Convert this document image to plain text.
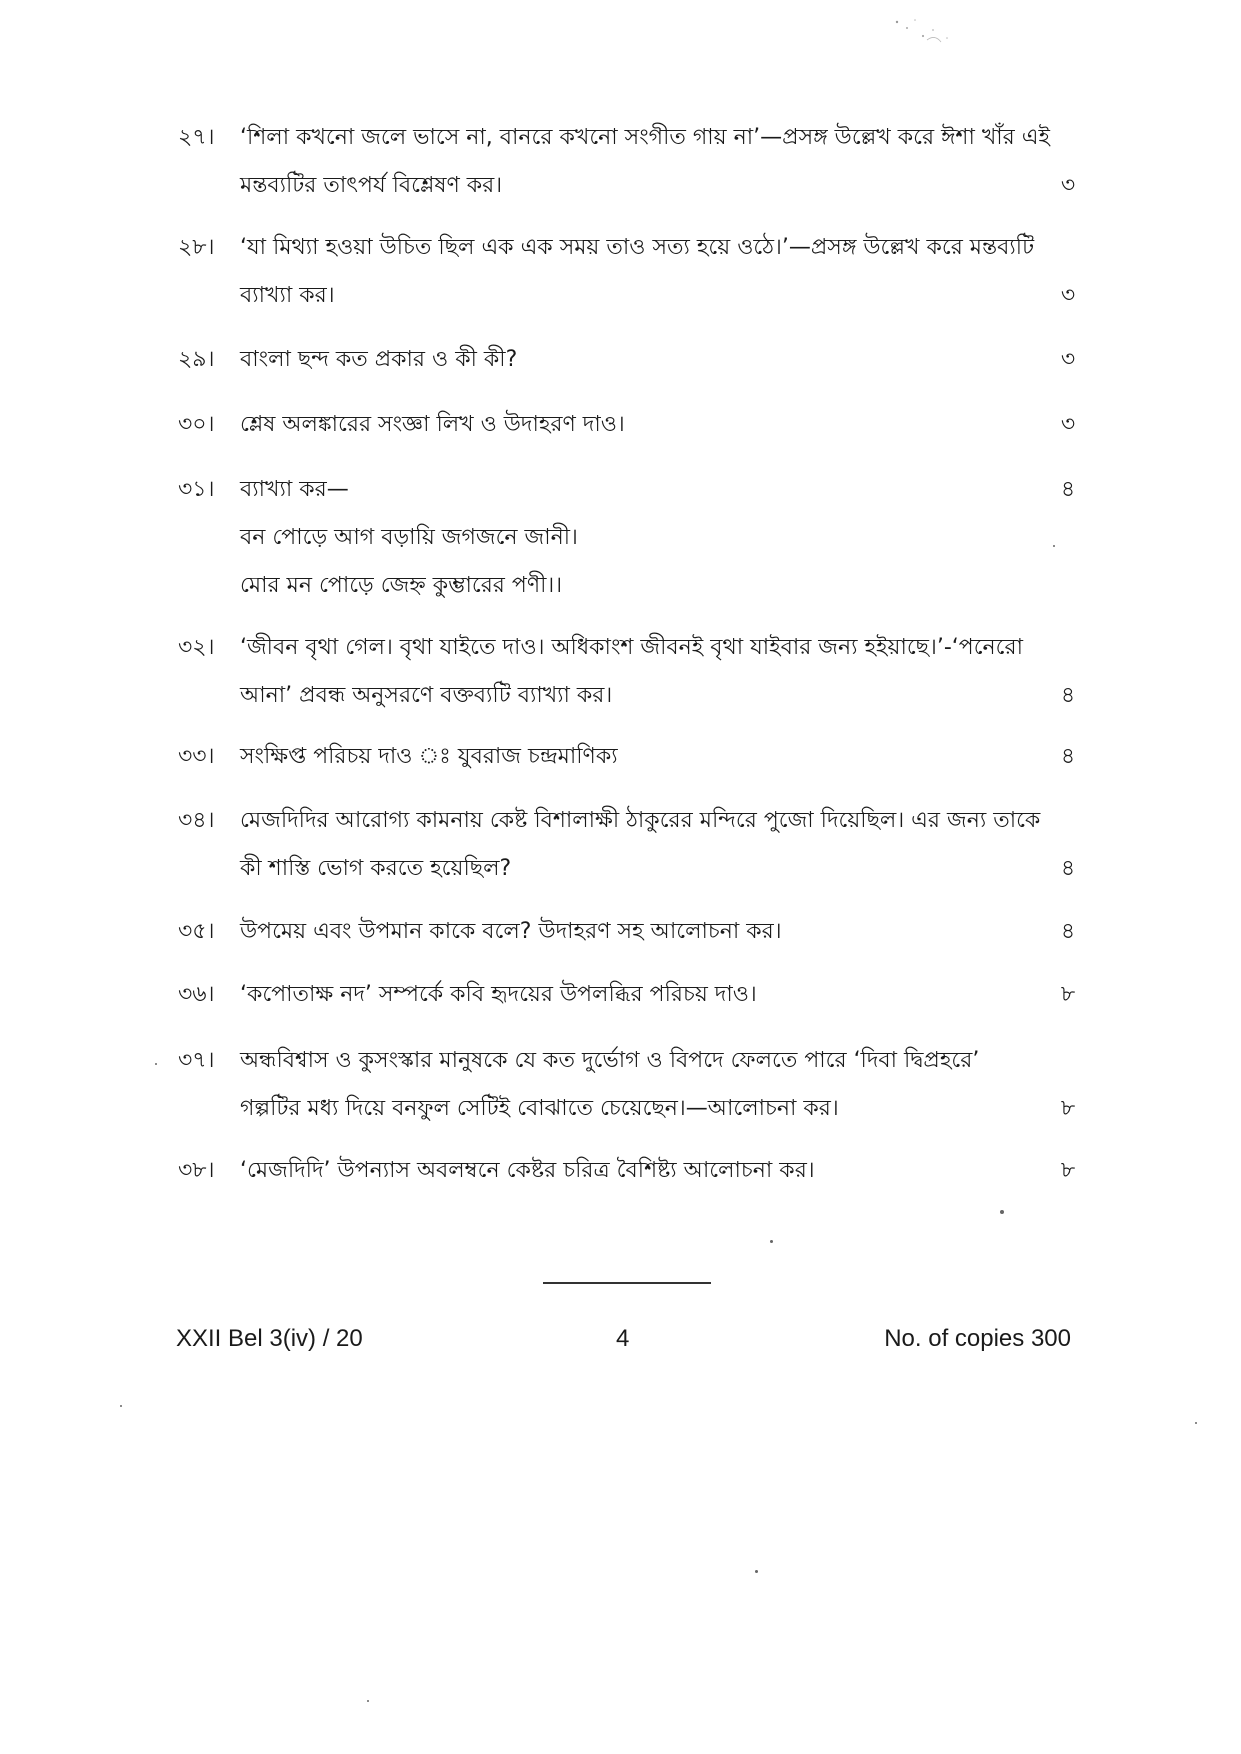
২৭। ‘শিলা কখনো জলে ভাসে না, বানরে কখনো সংগীত গায় না’—প্রসঙ্গ উল্লেখ করে ঈশা খাঁর এই
মন্তব্যটির তাৎপর্য বিশ্লেষণ কর।	৩
২৮। ‘যা মিথ্যা হওয়া উচিত ছিল এক এক সময় তাও সত্য হয়ে ওঠে।’—প্রসঙ্গ উল্লেখ করে মন্তব্যটি
ব্যাখ্যা কর।	৩
২৯। বাংলা ছন্দ কত প্রকার ও কী কী?	৩
৩০। শ্লেষ অলঙ্কারের সংজ্ঞা লিখ ও উদাহরণ দাও।	৩
৩১। ব্যাখ্যা কর—	৪
বন পোড়ে আগ বড়ায়ি জগজনে জানী।
মোর মন পোড়ে জেহ্ন কুম্ভারের পণী।।
৩২। ‘জীবন বৃথা গেল। বৃথা যাইতে দাও। অধিকাংশ জীবনই বৃথা যাইবার জন্য হইয়াছে।’-‘পনেরো
আনা’ প্রবন্ধ অনুসরণে বক্তব্যটি ব্যাখ্যা কর।	৪
৩৩। সংক্ষিপ্ত পরিচয় দাও ঃ যুবরাজ চন্দ্রমাণিক্য	৪
৩৪। মেজদিদির আরোগ্য কামনায় কেষ্ট বিশালাক্ষী ঠাকুরের মন্দিরে পুজো দিয়েছিল। এর জন্য তাকে
কী শাস্তি ভোগ করতে হয়েছিল?	৪
৩৫। উপমেয় এবং উপমান কাকে বলে? উদাহরণ সহ আলোচনা কর।	৪
৩৬। ‘কপোতাক্ষ নদ’ সম্পর্কে কবি হৃদয়ের উপলব্ধির পরিচয় দাও।	৮
৩৭। অন্ধবিশ্বাস ও কুসংস্কার মানুষকে যে কত দুর্ভোগ ও বিপদে ফেলতে পারে ‘দিবা দ্বিপ্রহরে’
গল্পটির মধ্য দিয়ে বনফুল সেটিই বোঝাতে চেয়েছেন।—আলোচনা কর।	৮
৩৮। ‘মেজদিদি’ উপন্যাস অবলম্বনে কেষ্টর চরিত্র বৈশিষ্ট্য আলোচনা কর।	৮
XXII Bel 3(iv) / 20	4	No. of copies 300
